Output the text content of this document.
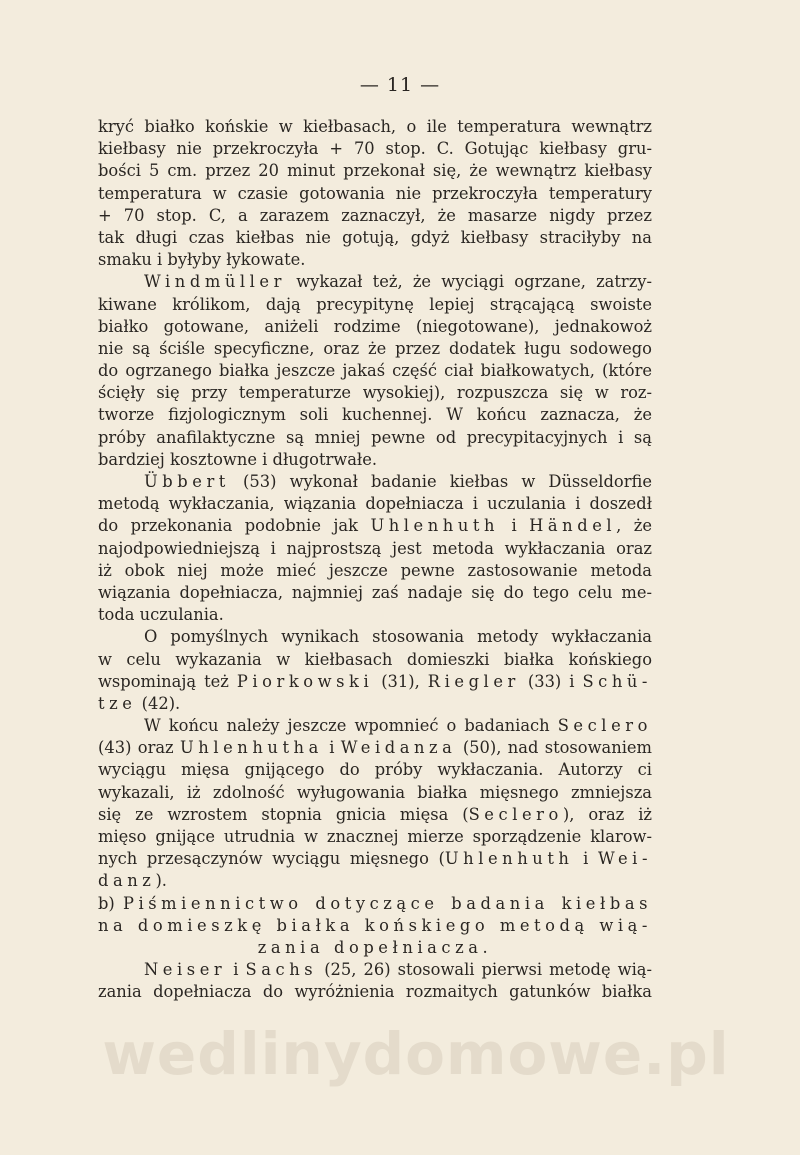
— 11 —
wedlinydomowe.pl
kryć białko końskie w kiełbasach, o ile temperatura wewnątrz
kiełbasy nie przekroczyła + 70 stop. C. Gotując kiełbasy gru-
bości 5 cm. przez 20 minut przekonał się, że wewnątrz kiełbasy
temperatura w czasie gotowania nie przekroczyła temperatury
+ 70 stop. C, a zarazem zaznaczył, że masarze nigdy przez
tak długi czas kiełbas nie gotują, gdyż kiełbasy straciłyby na
smaku i byłyby łykowate.
Windmüller wykazał też, że wyciągi ogrzane, zatrzy-
kiwane królikom, dają precypitynę lepiej strącającą swoiste
białko gotowane, aniżeli rodzime (niegotowane), jednakowoż
nie są ściśle specyficzne, oraz że przez dodatek ługu sodowego
do ogrzanego białka jeszcze jakaś część ciał białkowatych, (które
ścięły się przy temperaturze wysokiej), rozpuszcza się w roz-
tworze fizjologicznym soli kuchennej. W końcu zaznacza, że
próby anafilaktyczne są mniej pewne od precypitacyjnych i są
bardziej kosztowne i długotrwałe.
Übbert (53) wykonał badanie kiełbas w Düsseldorfie
metodą wykłaczania, wiązania dopełniacza i uczulania i doszedł
do przekonania podobnie jak Uhlenhuth i Händel, że
najodpowiedniejszą i najprostszą jest metoda wykłaczania oraz
iż obok niej może mieć jeszcze pewne zastosowanie metoda
wiązania dopełniacza, najmniej zaś nadaje się do tego celu me-
toda uczulania.
O pomyślnych wynikach stosowania metody wykłaczania
w celu wykazania w kiełbasach domieszki białka końskiego
wspominają też Piorkowski (31), Riegler (33) i Schü-
tze (42).
W końcu należy jeszcze wpomnieć o badaniach Seclero
(43) oraz Uhlenhutha i Weidanza (50), nad stosowaniem
wyciągu mięsa gnijącego do próby wykłaczania. Autorzy ci
wykazali, iż zdolność wyługowania białka mięsnego zmniejsza
się ze wzrostem stopnia gnicia mięsa (Seclero), oraz iż
mięso gnijące utrudnia w znacznej mierze sporządzenie klarow-
nych przesączynów wyciągu mięsnego (Uhlenhuth i Wei-
danz).
b) Piśmiennictwo dotyczące badania kiełbas
na domieszkę białka końskiego metodą wią-
zania dopełniacza.
Neiser i Sachs (25, 26) stosowali pierwsi metodę wią-
zania dopełniacza do wyróżnienia rozmaitych gatunków białka
